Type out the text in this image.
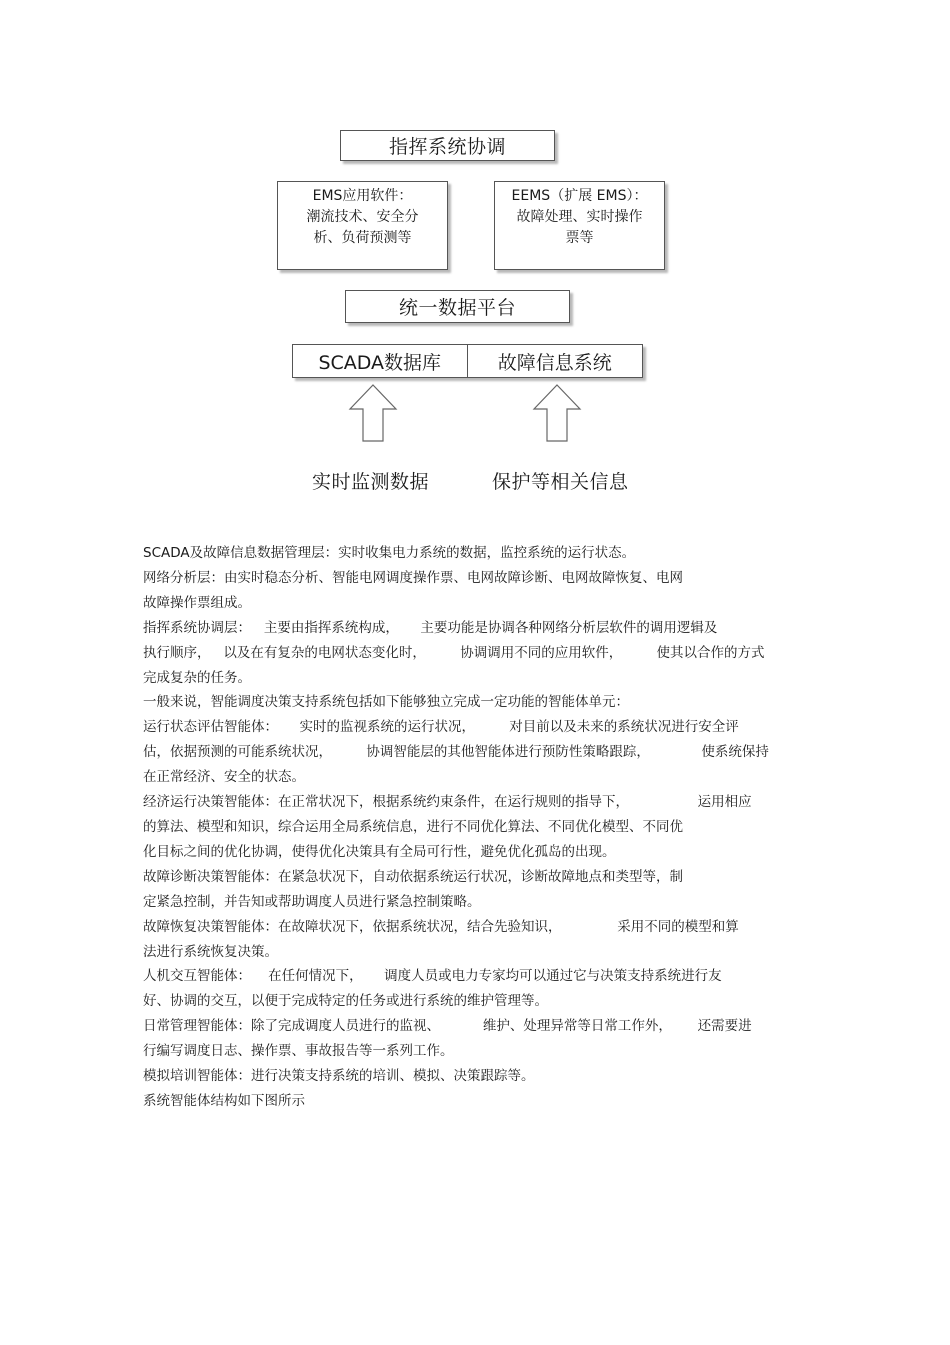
指挥系统协调
EMS应用软件：
潮流技术、安全分
析、负荷预测等
EEMS（扩展 EMS）：
故障处理、实时操作
票等
统一数据平台
SCADA数据库	故障信息系统
实时监测数据	保护等相关信息

SCADA及故障信息数据管理层：实时收集电力系统的数据，监控系统的运行状态。

网络分析层：由实时稳态分析、智能电网调度操作票、电网故障诊断、电网故障恢复、电网

故障操作票组成。

指挥系统协调层：   主要由指挥系统构成，     主要功能是协调各种网络分析层软件的调用逻辑及

执行顺序，   以及在有复杂的电网状态变化时，        协调调用不同的应用软件，        使其以合作的方式

完成复杂的任务。

一般来说，智能调度决策支持系统包括如下能够独立完成一定功能的智能体单元：

运行状态评估智能体：     实时的监视系统的运行状况，        对目前以及未来的系统状况进行安全评

估，依据预测的可能系统状况，        协调智能层的其他智能体进行预防性策略跟踪，            使系统保持

在正常经济、安全的状态。

经济运行决策智能体：在正常状况下，根据系统约束条件，在运行规则的指导下，                运用相应

的算法、模型和知识，综合运用全局系统信息，进行不同优化算法、不同优化模型、不同优

化目标之间的优化协调，使得优化决策具有全局可行性，避免优化孤岛的出现。

故障诊断决策智能体：在紧急状况下，自动依据系统运行状况，诊断故障地点和类型等，制

定紧急控制，并告知或帮助调度人员进行紧急控制策略。

故障恢复决策智能体：在故障状况下，依据系统状况，结合先验知识，             采用不同的模型和算

法进行系统恢复决策。

人机交互智能体：    在任何情况下，     调度人员或电力专家均可以通过它与决策支持系统进行友

好、协调的交互，以便于完成特定的任务或进行系统的维护管理等。

日常管理智能体：除了完成调度人员进行的监视、          维护、处理异常等日常工作外，      还需要进

行编写调度日志、操作票、事故报告等一系列工作。

模拟培训智能体：进行决策支持系统的培训、模拟、决策跟踪等。

系统智能体结构如下图所示
